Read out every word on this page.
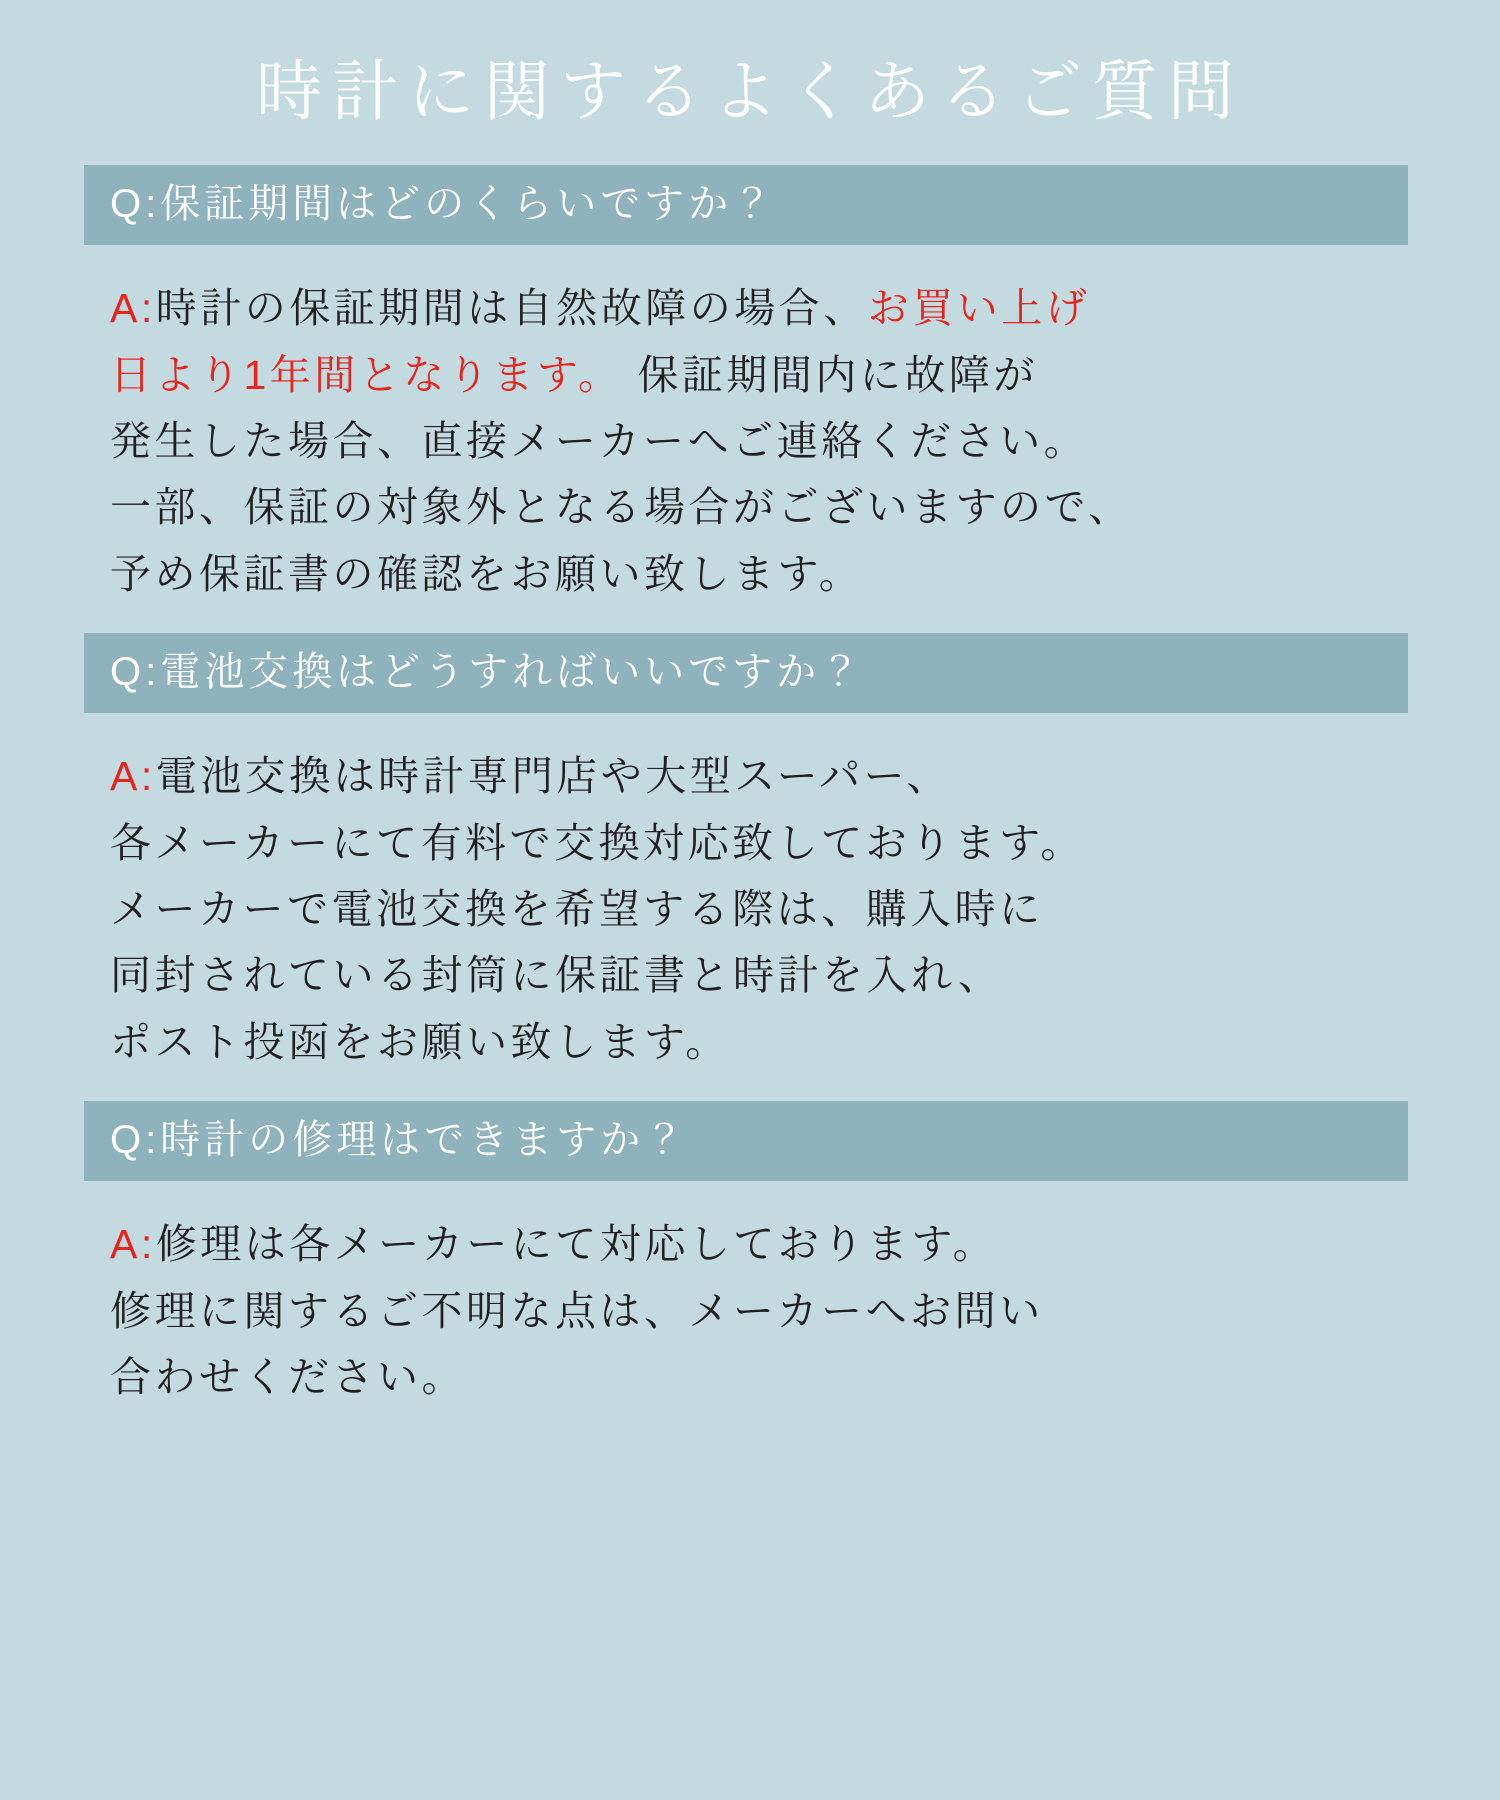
時計に関するよくあるご質問
Q:保証期間はどのくらいですか？
A:時計の保証期間は自然故障の場合、お買い上げ
日より1年間となります。 保証期間内に故障が
発生した場合、直接メーカーへご連絡ください。
一部、保証の対象外となる場合がございますので、
予め保証書の確認をお願い致します。
Q:電池交換はどうすればいいですか？
A:電池交換は時計専門店や大型スーパー、
各メーカーにて有料で交換対応致しております。
メーカーで電池交換を希望する際は、購入時に
同封されている封筒に保証書と時計を入れ、
ポスト投函をお願い致します。
Q:時計の修理はできますか？
A:修理は各メーカーにて対応しております。
修理に関するご不明な点は、メーカーへお問い
合わせください。
